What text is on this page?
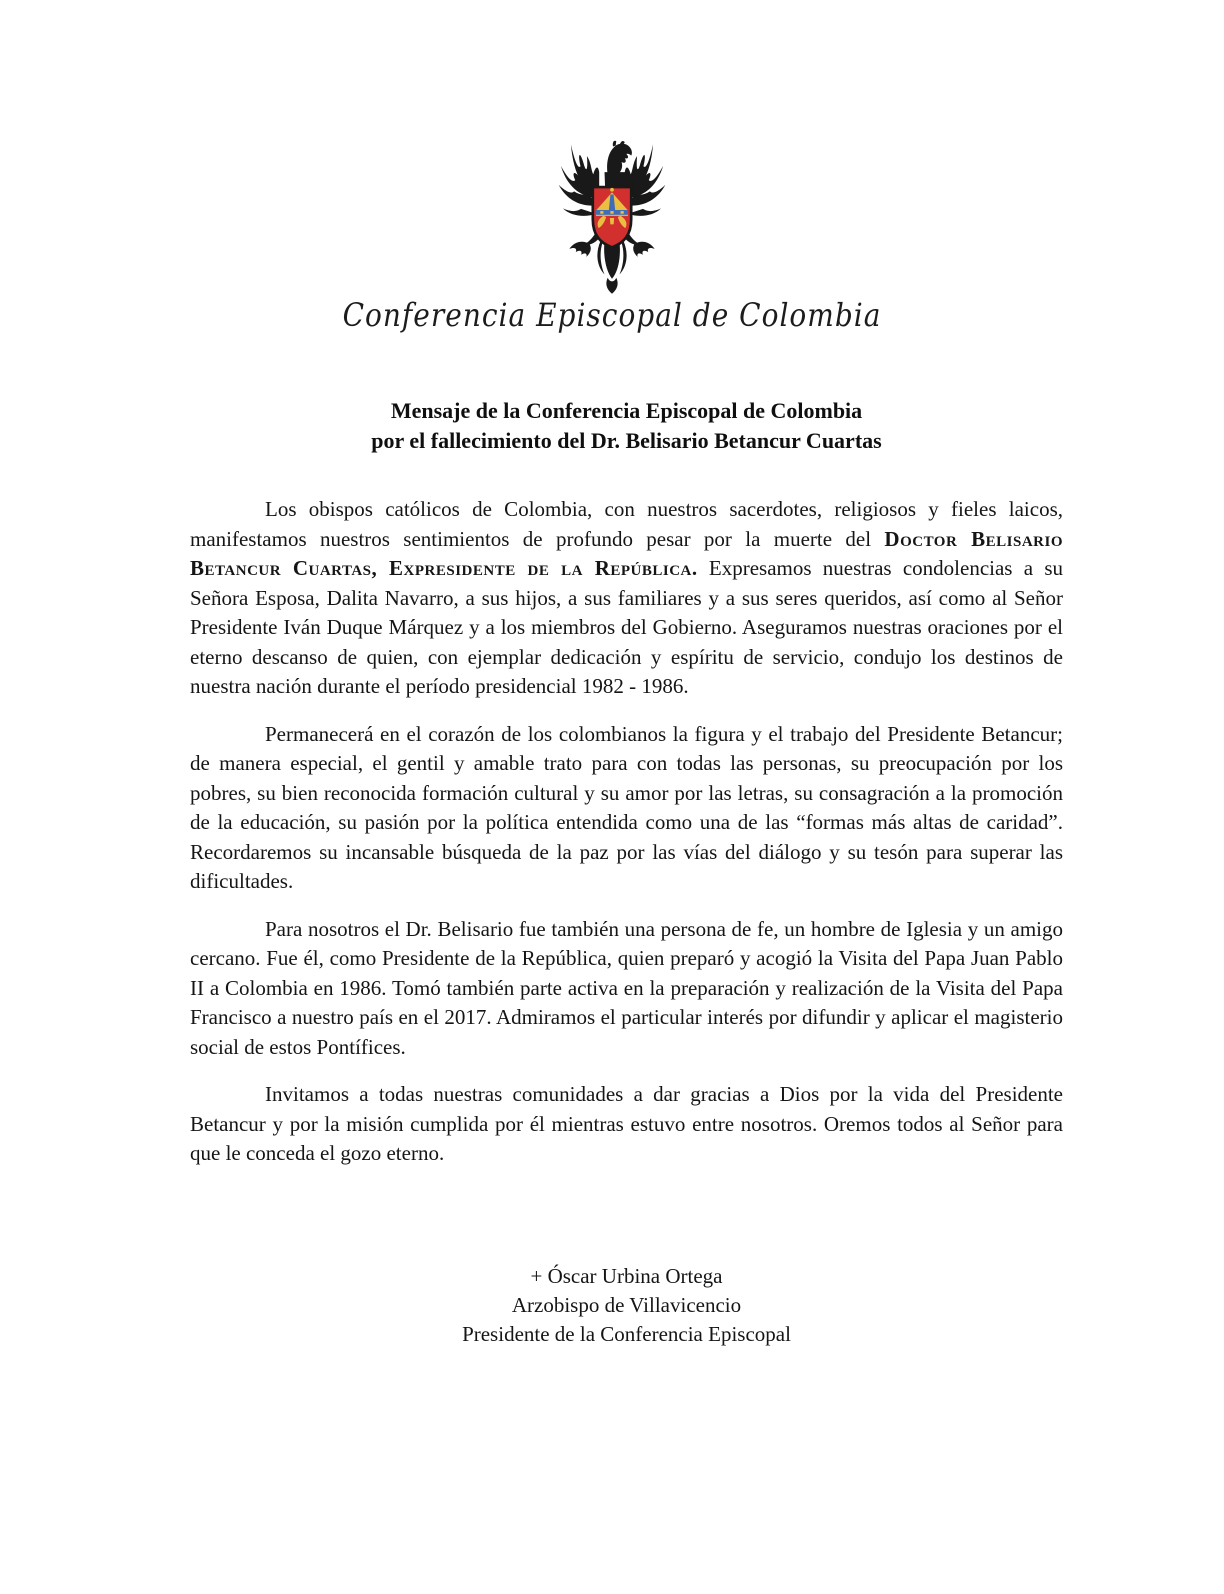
Conferencia Episcopal de Colombia
Mensaje de la Conferencia Episcopal de Colombia
por el fallecimiento del Dr. Belisario Betancur Cuartas

Los obispos católicos de Colombia, con nuestros sacerdotes, religiosos y fieles laicos, manifestamos nuestros sentimientos de profundo pesar por la muerte del Doctor Belisario Betancur Cuartas, Expresidente de la República. Expresamos nuestras condolencias a su Señora Esposa, Dalita Navarro, a sus hijos, a sus familiares y a sus seres queridos, así como al Señor Presidente Iván Duque Márquez y a los miembros del Gobierno. Aseguramos nuestras oraciones por el eterno descanso de quien, con ejemplar dedicación y espíritu de servicio, condujo los destinos de nuestra nación durante el período presidencial 1982 - 1986.

Permanecerá en el corazón de los colombianos la figura y el trabajo del Presidente Betancur; de manera especial, el gentil y amable trato para con todas las personas, su preocupación por los pobres, su bien reconocida formación cultural y su amor por las letras, su consagración a la promoción de la educación, su pasión por la política entendida como una de las “formas más altas de caridad”. Recordaremos su incansable búsqueda de la paz por las vías del diálogo y su tesón para superar las dificultades.

Para nosotros el Dr. Belisario fue también una persona de fe, un hombre de Iglesia y un amigo cercano. Fue él, como Presidente de la República, quien preparó y acogió la Visita del Papa Juan Pablo II a Colombia en 1986. Tomó también parte activa en la preparación y realización de la Visita del Papa Francisco a nuestro país en el 2017. Admiramos el particular interés por difundir y aplicar el magisterio social de estos Pontífices.

Invitamos a todas nuestras comunidades a dar gracias a Dios por la vida del Presidente Betancur y por la misión cumplida por él mientras estuvo entre nosotros. Oremos todos al Señor para que le conceda el gozo eterno.

+ Óscar Urbina Ortega
Arzobispo de Villavicencio
Presidente de la Conferencia Episcopal
